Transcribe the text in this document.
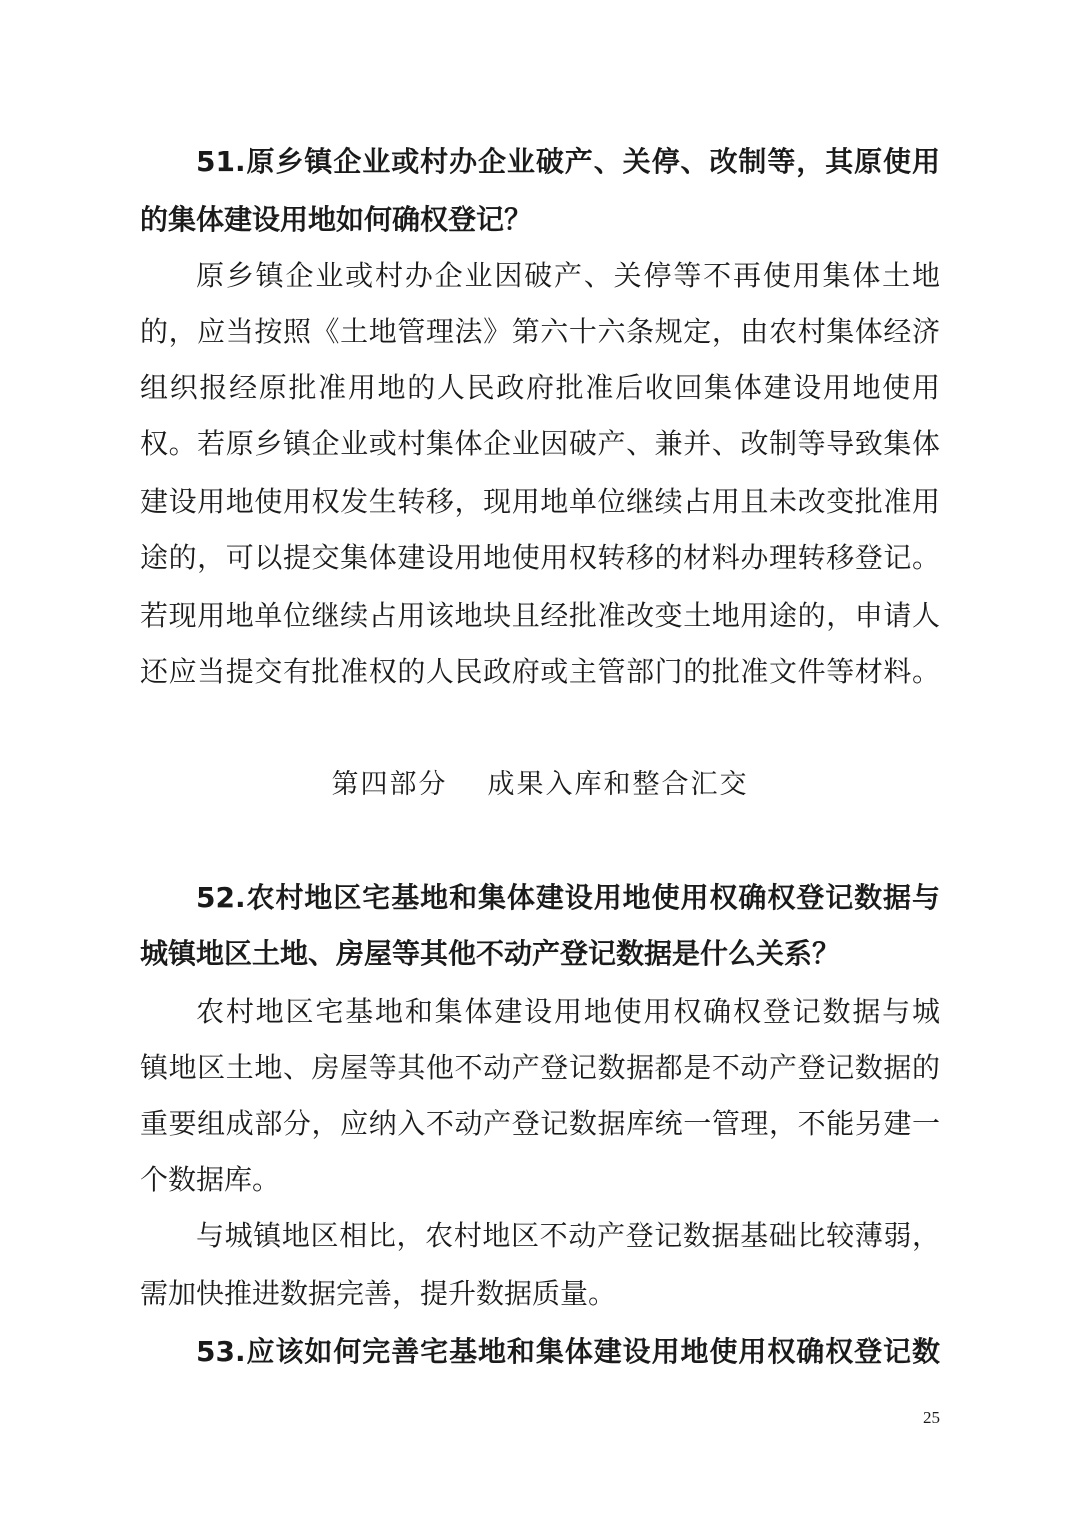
51.原乡镇企业或村办企业破产、关停、改制等，其原使用
的集体建设用地如何确权登记？
原乡镇企业或村办企业因破产、关停等不再使用集体土地
的，应当按照《土地管理法》第六十六条规定，由农村集体经济
组织报经原批准用地的人民政府批准后收回集体建设用地使用
权。若原乡镇企业或村集体企业因破产、兼并、改制等导致集体
建设用地使用权发生转移，现用地单位继续占用且未改变批准用
途的，可以提交集体建设用地使用权转移的材料办理转移登记。
若现用地单位继续占用该地块且经批准改变土地用途的，申请人
还应当提交有批准权的人民政府或主管部门的批准文件等材料。
第四部分 成果入库和整合汇交
52.农村地区宅基地和集体建设用地使用权确权登记数据与
城镇地区土地、房屋等其他不动产登记数据是什么关系？
农村地区宅基地和集体建设用地使用权确权登记数据与城
镇地区土地、房屋等其他不动产登记数据都是不动产登记数据的
重要组成部分，应纳入不动产登记数据库统一管理，不能另建一
个数据库。
与城镇地区相比，农村地区不动产登记数据基础比较薄弱，
需加快推进数据完善，提升数据质量。
53.应该如何完善宅基地和集体建设用地使用权确权登记数
25
